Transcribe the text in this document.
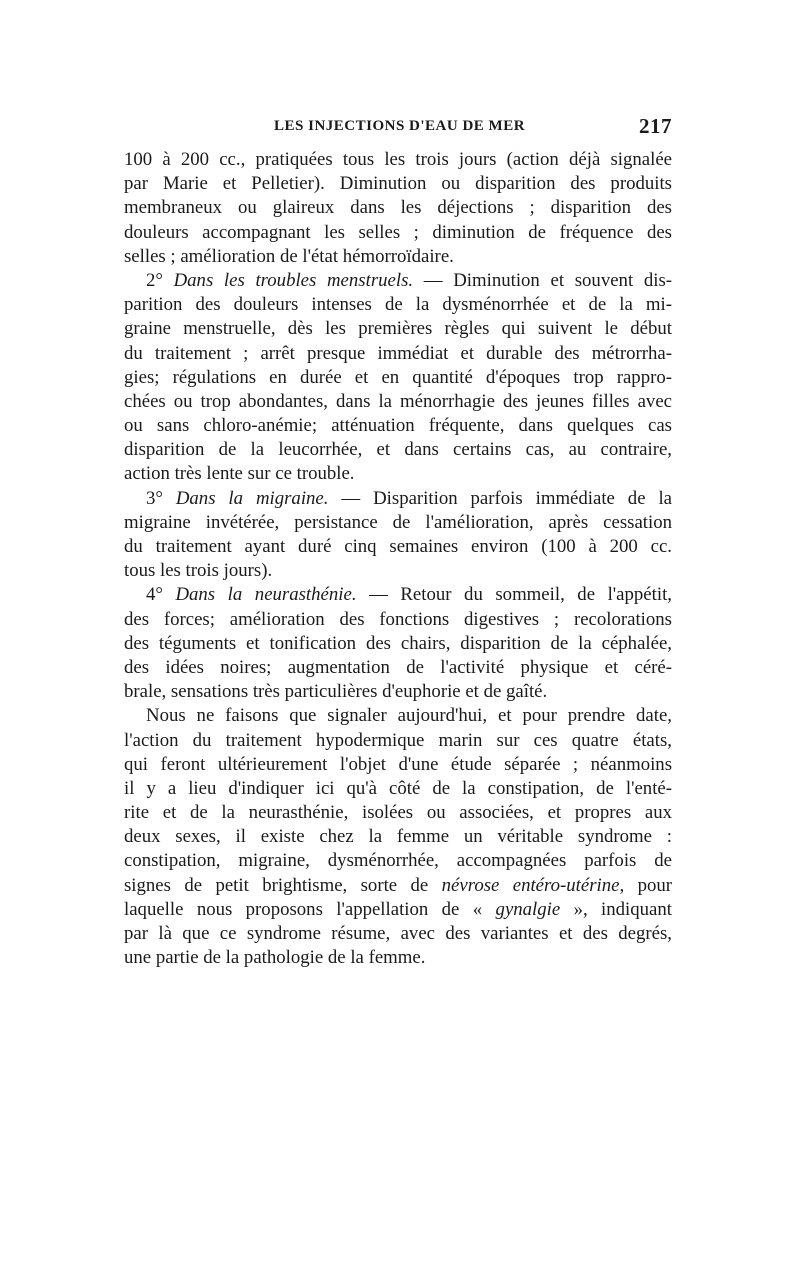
LES INJECTIONS D'EAU DE MER	217
100 à 200 cc., pratiquées tous les trois jours (action déjà signalée
par Marie et Pelletier). Diminution ou disparition des produits
membraneux ou glaireux dans les déjections ; disparition des
douleurs accompagnant les selles ; diminution de fréquence des
selles ; amélioration de l'état hémorroïdaire.
2° Dans les troubles menstruels. — Diminution et souvent dis-
parition des douleurs intenses de la dysménorrhée et de la mi-
graine menstruelle, dès les premières règles qui suivent le début
du traitement ; arrêt presque immédiat et durable des métrorrha-
gies; régulations en durée et en quantité d'époques trop rappro-
chées ou trop abondantes, dans la ménorrhagie des jeunes filles avec
ou sans chloro-anémie; atténuation fréquente, dans quelques cas
disparition de la leucorrhée, et dans certains cas, au contraire,
action très lente sur ce trouble.
3° Dans la migraine. — Disparition parfois immédiate de la
migraine invétérée, persistance de l'amélioration, après cessation
du traitement ayant duré cinq semaines environ (100 à 200 cc.
tous les trois jours).
4° Dans la neurasthénie. — Retour du sommeil, de l'appétit,
des forces; amélioration des fonctions digestives ; recolorations
des téguments et tonification des chairs, disparition de la céphalée,
des idées noires; augmentation de l'activité physique et céré-
brale, sensations très particulières d'euphorie et de gaîté.
Nous ne faisons que signaler aujourd'hui, et pour prendre date,
l'action du traitement hypodermique marin sur ces quatre états,
qui feront ultérieurement l'objet d'une étude séparée ; néanmoins
il y a lieu d'indiquer ici qu'à côté de la constipation, de l'enté-
rite et de la neurasthénie, isolées ou associées, et propres aux
deux sexes, il existe chez la femme un véritable syndrome :
constipation, migraine, dysménorrhée, accompagnées parfois de
signes de petit brightisme, sorte de névrose entéro-utérine, pour
laquelle nous proposons l'appellation de « gynalgie », indiquant
par là que ce syndrome résume, avec des variantes et des degrés,
une partie de la pathologie de la femme.
